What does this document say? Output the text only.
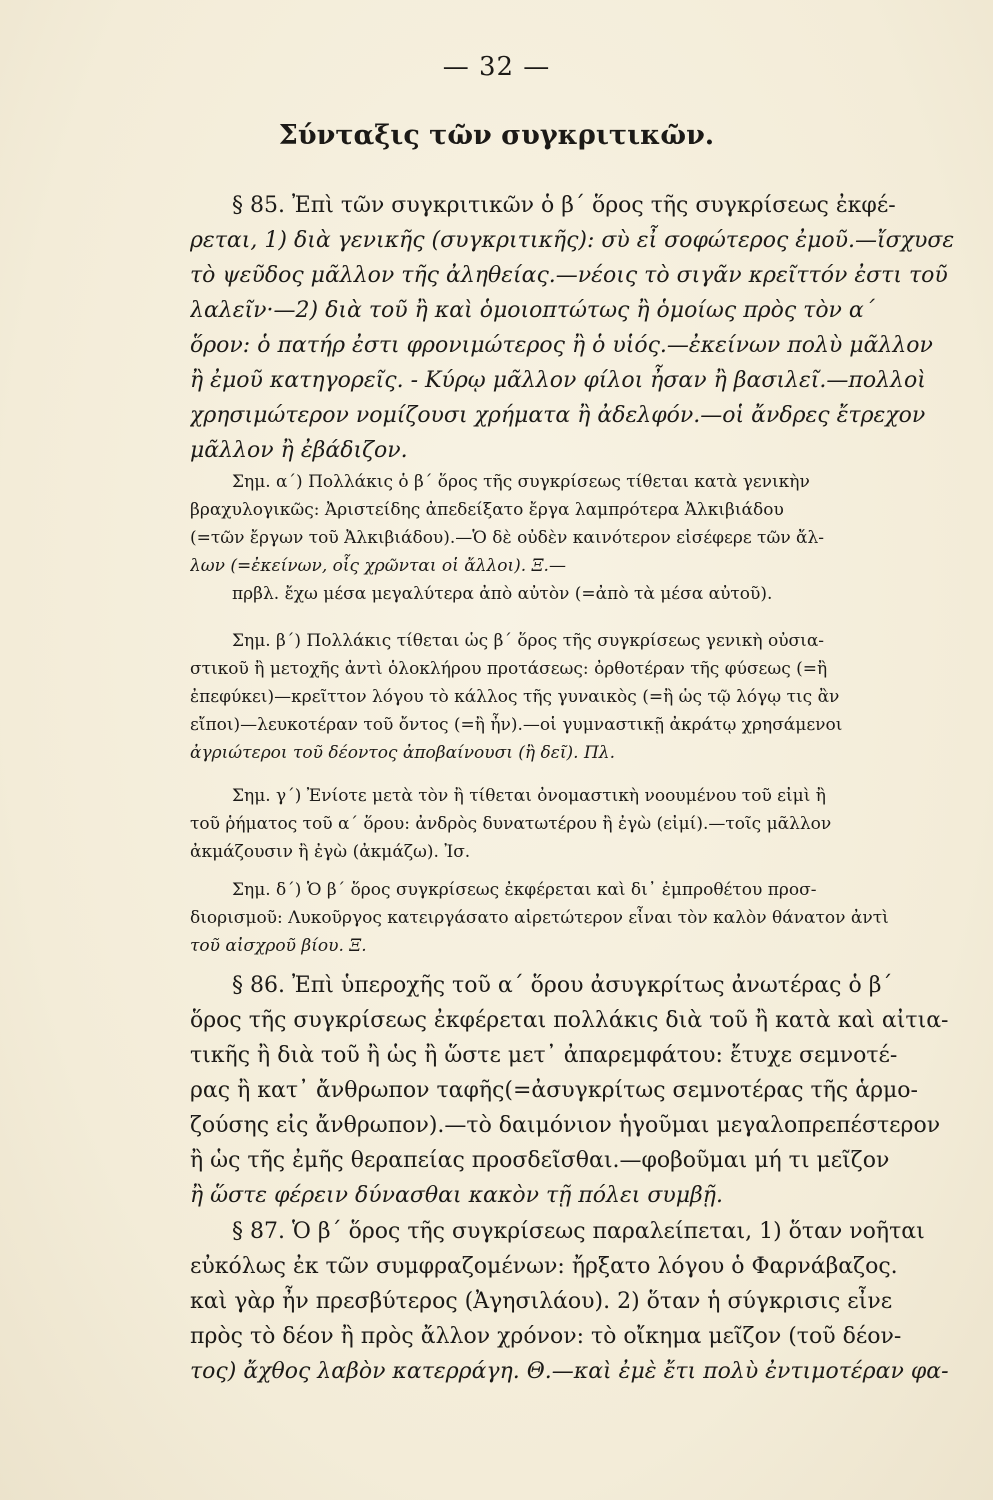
— 32 —
Σύνταξις τῶν συγκριτικῶν.
§ 85. Ἐπὶ τῶν συγκριτικῶν ὁ β΄ ὅρος τῆς συγκρίσεως ἐκφέ-
ρεται, 1) διὰ γενικῆς (συγκριτικῆς): σὺ εἶ σοφώτερος ἐμοῦ.—ἴσχυσε
τὸ ψεῦδος μᾶλλον τῆς ἀληθείας.—νέοις τὸ σιγᾶν κρεῖττόν ἐστι τοῦ
λαλεῖν·—2) διὰ τοῦ ἢ καὶ ὁμοιοπτώτως ἢ ὁμοίως πρὸς τὸν α΄
ὅρον: ὁ πατήρ ἐστι φρονιμώτερος ἢ ὁ υἱός.—ἐκείνων πολὺ μᾶλλον
ἢ ἐμοῦ κατηγορεῖς. - Κύρῳ μᾶλλον φίλοι ἦσαν ἢ βασιλεῖ.—πολλοὶ
χρησιμώτερον νομίζουσι χρήματα ἢ ἀδελφόν.—οἱ ἄνδρες ἔτρεχον
μᾶλλον ἢ ἐβάδιζον.
Σημ. α΄) Πολλάκις ὁ β΄ ὅρος τῆς συγκρίσεως τίθεται κατὰ γενικὴν
βραχυλογικῶς: Ἀριστείδης ἀπεδείξατο ἔργα λαμπρότερα Ἀλκιβιάδου
(=τῶν ἔργων τοῦ Ἀλκιβιάδου).—Ὁ δὲ οὐδὲν καινότερον εἰσέφερε τῶν ἄλ-
λων (=ἐκείνων, οἷς χρῶνται οἱ ἄλλοι). Ξ.—
πρβλ. ἔχω μέσα μεγαλύτερα ἀπὸ αὐτὸν (=ἀπὸ τὰ μέσα αὐτοῦ).
Σημ. β΄) Πολλάκις τίθεται ὡς β΄ ὅρος τῆς συγκρίσεως γενικὴ οὐσια-
στικοῦ ἢ μετοχῆς ἀντὶ ὁλοκλήρου προτάσεως: ὀρθοτέραν τῆς φύσεως (=ἢ
ἐπεφύκει)—κρεῖττον λόγου τὸ κάλλος τῆς γυναικὸς (=ἢ ὡς τῷ λόγῳ τις ἂν
εἴποι)—λευκοτέραν τοῦ ὄντος (=ἢ ἦν).—οἱ γυμναστικῇ ἀκράτῳ χρησάμενοι
ἀγριώτεροι τοῦ δέοντος ἀποβαίνουσι (ἢ δεῖ). Πλ.
Σημ. γ΄) Ἐνίοτε μετὰ τὸν ἢ τίθεται ὀνομαστικὴ νοουμένου τοῦ εἰμὶ ἢ
τοῦ ῥήματος τοῦ α΄ ὅρου: ἀνδρὸς δυνατωτέρου ἢ ἐγὼ (εἰμί).—τοῖς μᾶλλον
ἀκμάζουσιν ἢ ἐγὼ (ἀκμάζω). Ἰσ.
Σημ. δ΄) Ὁ β΄ ὅρος συγκρίσεως ἐκφέρεται καὶ δι᾽ ἐμπροθέτου προσ-
διορισμοῦ: Λυκοῦργος κατειργάσατο αἱρετώτερον εἶναι τὸν καλὸν θάνατον ἀντὶ
τοῦ αἰσχροῦ βίου. Ξ.
§ 86. Ἐπὶ ὑπεροχῆς τοῦ α΄ ὅρου ἀσυγκρίτως ἀνωτέρας ὁ β΄
ὅρος τῆς συγκρίσεως ἐκφέρεται πολλάκις διὰ τοῦ ἢ κατὰ καὶ αἰτια-
τικῆς ἢ διὰ τοῦ ἢ ὡς ἢ ὥστε μετ᾽ ἀπαρεμφάτου: ἔτυχε σεμνοτέ-
ρας ἢ κατ᾽ ἄνθρωπον ταφῆς(=ἀσυγκρίτως σεμνοτέρας τῆς ἁρμο-
ζούσης εἰς ἄνθρωπον).—τὸ δαιμόνιον ἡγοῦμαι μεγαλοπρεπέστερον
ἢ ὡς τῆς ἐμῆς θεραπείας προσδεῖσθαι.—φοβοῦμαι μή τι μεῖζον
ἢ ὥστε φέρειν δύνασθαι κακὸν τῇ πόλει συμβῇ.
§ 87. Ὁ β΄ ὅρος τῆς συγκρίσεως παραλείπεται, 1) ὅταν νοῆται
εὐκόλως ἐκ τῶν συμφραζομένων: ἤρξατο λόγου ὁ Φαρνάβαζος.
καὶ γὰρ ἦν πρεσβύτερος (Ἀγησιλάου). 2) ὅταν ἡ σύγκρισις εἶνε
πρὸς τὸ δέον ἢ πρὸς ἄλλον χρόνον: τὸ οἴκημα μεῖζον (τοῦ δέον-
τος) ἄχθος λαβὸν κατερράγη. Θ.—καὶ ἐμὲ ἔτι πολὺ ἐντιμοτέραν φα-
